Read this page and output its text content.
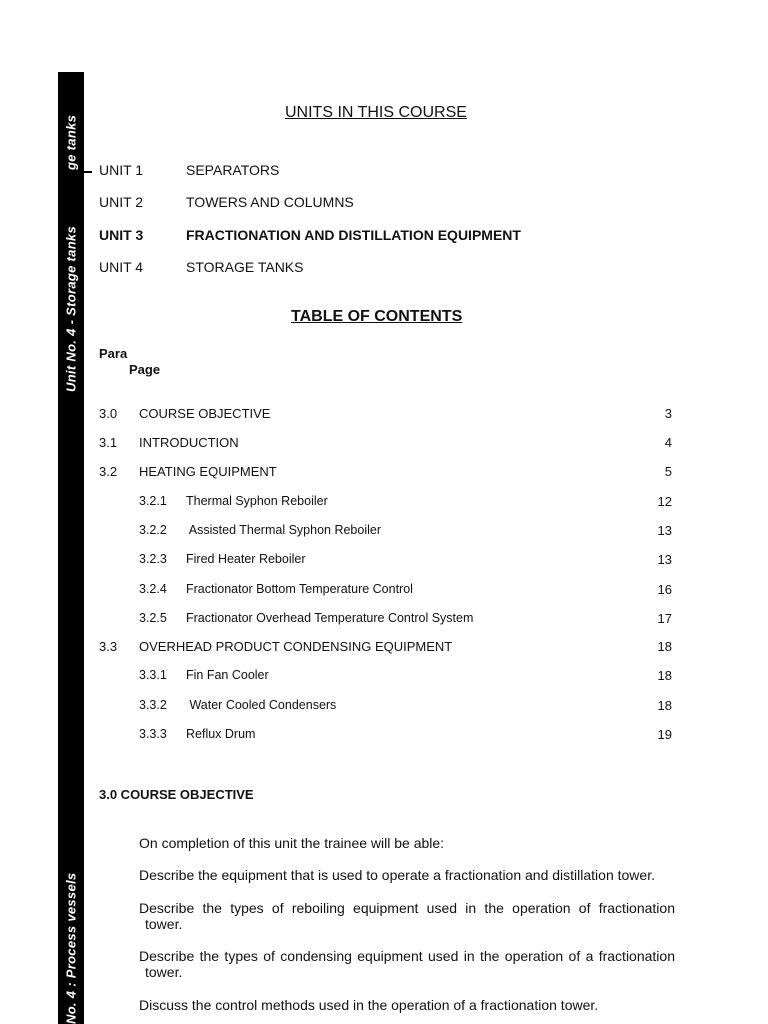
ge tanks
Unit No. 4 - Storage tanks
No. 4 : Process vessels
UNITS IN THIS COURSE
UNIT 1	SEPARATORS
UNIT 2	TOWERS AND COLUMNS
UNIT 3	FRACTIONATION AND DISTILLATION EQUIPMENT
UNIT 4	STORAGE TANKS
TABLE OF CONTENTS
Para
Page
3.0 COURSE OBJECTIVE	3
3.1 INTRODUCTION	4
3.2 HEATING EQUIPMENT	5
3.2.1 Thermal Syphon Reboiler	12
3.2.2 Assisted Thermal Syphon Reboiler	13
3.2.3 Fired Heater Reboiler	13
3.2.4 Fractionator Bottom Temperature Control	16
3.2.5 Fractionator Overhead Temperature Control System	17
3.3 OVERHEAD PRODUCT CONDENSING EQUIPMENT	18
3.3.1 Fin Fan Cooler	18
3.3.2 Water Cooled Condensers	18
3.3.3 Reflux Drum	19
3.0 COURSE OBJECTIVE
On completion of this unit the trainee will be able:
Describe the equipment that is used to operate a fractionation and distillation tower.
Describe the types of reboiling equipment used in the operation of fractionation
tower.
Describe the types of condensing equipment used in the operation of a fractionation
tower.
Discuss the control methods used in the operation of a fractionation tower.
